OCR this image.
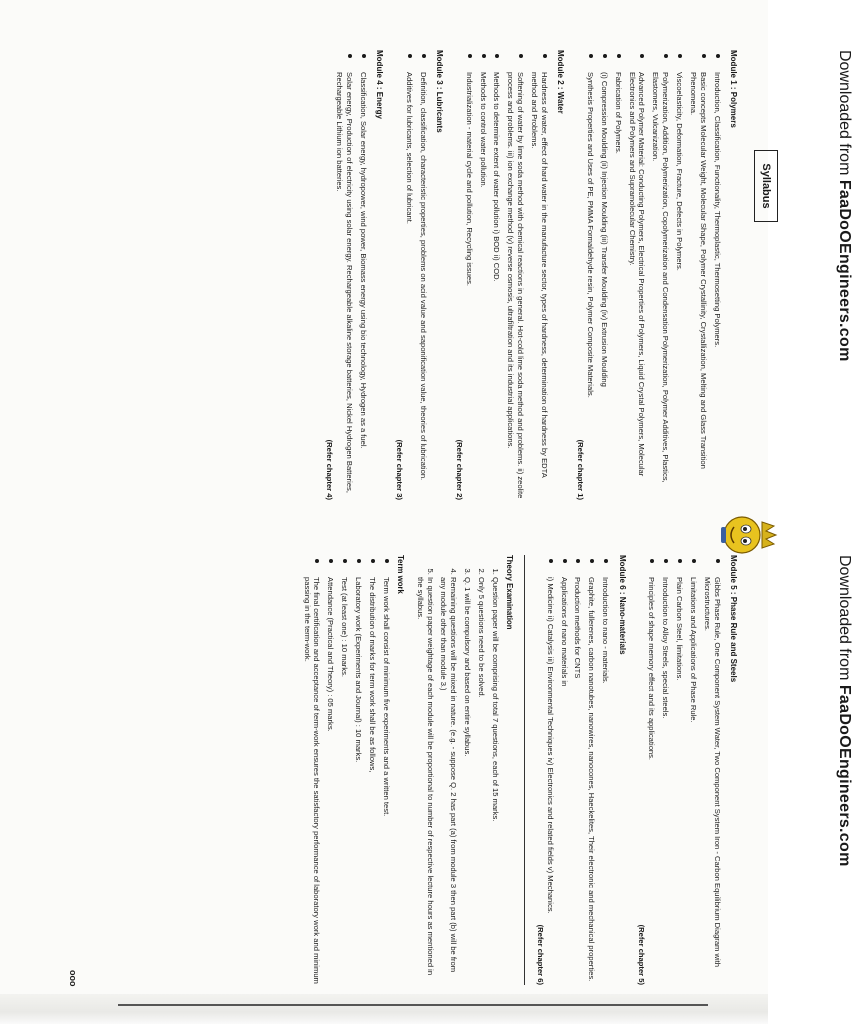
Downloaded from FaaDoOEngineers.com
Downloaded from FaaDoOEngineers.com
Syllabus
Module 1 : Polymers
Introduction, Classification, Functionality, Thermoplastic, Thermosetting Polymers.
Basic concepts Molecular Weight, Molecular Shape, Polymer Crystallinity, Crystallization, Melting and Glass Transition Phenomena.
Viscoelasticity, Deformation, Fracture, Defects in Polymers.
Polymerization, Addition, Polymerization, Copolymerization and Condensation Polymerization, Polymer Additives, Plastics, Elastomers, Vulcanization.
Advanced Polymer Material: Conducting Polymers, Electrical Properties of Polymers, Liquid Crystal Polymers, Molecular Electronics and Polymers and Supramolecular Chemistry.
Fabrication of Polymers.
(i) Compression Moulding (ii) Injection Moulding (iii) Transfer Moulding (iv) Extrusion Moulding
Synthesis Properties and Uses of PE, PMMA Formaldehyde resin, Polymer Composite Materials.
(Refer chapter 1)
Module 2 : Water
Hardness of water, effect of hard water in the manufacture sector, types of hardness, determination of hardness by EDTA method and Problems.
Softening of water by lime soda method with chemical reactions in general. Hot-cold lime soda method and problems. ii) zeolite process and problems. iii) ion exchange method (v) reverse osmosis, ultrafiltration and its industrial applications.
Methods to determine extent of water pollution i) BOD ii) COD.
Methods to control water pollution.
Industrialization - material cycle and pollution, Recycling issues.
(Refer chapter 2)
Module 3 : Lubricants
Definition, classification, characteristic properties, problems on acid value and saponification value, theories of lubrication.
Additives for lubricants, selection of lubricant.
(Refer chapter 3)
Module 4 : Energy
Classification, Solar energy, hydropower, wind power, Biomass energy using bio technology, Hydrogen as a fuel.
Solar energy, Production of electricity using solar energy. Rechargeable alkaline storage batteries, Nickel Hydrogen Batteries, Rechargeable Lithium ion batteries.
(Refer chapter 4)
Module 5 : Phase Rule and Steels
Gibbs Phase Rule, One Component System Water, Two Component System Iron - Carbon Equilibrium Diagram with Microstructures.
Limitations and Applications of Phase Rule.
Plain Carbon Steel, limitations.
Introduction to Alloy Steels, special steels.
Principles of shape memory effect and its applications.
(Refer chapter 5)
Module 6 : Nano-materials
Introduction to nano - materials.
Graphite, fullerenes, carbon nanotubes, nanowires, nanocones, Haeckelites, Their electronic and mechanical properties.
Production methods for CNTS
Applications of nano materials in
i) Medicine ii) Catalysis iii) Environmental Techniques iv) Electronics and related fields v) Mechanics.
(Refer chapter 6)
Theory Examination
1. Question paper will be comprising of total 7 questions, each of 15 marks.
2. Only 5 questions need to be solved.
3. Q. 1 will be compulsory and based on entire syllabus.
4. Remaining questions will be mixed in nature. (e.g. - suppose Q. 2 has part (a) from module 3 then part (b) will be from any module other than module 3.)
5. In question paper weightage of each module will be proportional to number of respective lecture hours as mentioned in the syllabus.
Term work
Term work shall consist of minimum five experiments and a written test.
The distribution of marks for term work shall be as follows,
Laboratory work (Experiments and Journal) : 10 marks.
Test (at least one) : 10 marks.
Attendance (Practical and Theory) : 05 marks.
The final certification and acceptance of term-work ensures the satisfactory performance of laboratory work and minimum passing in the term-work.
ooo
